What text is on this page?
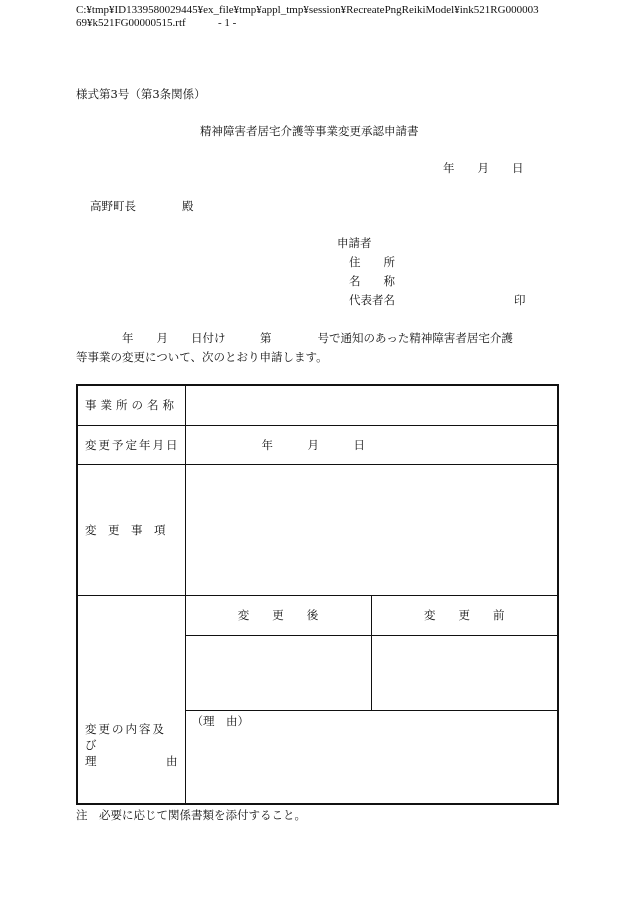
C:¥tmp¥ID1339580029445¥ex_file¥tmp¥appl_tmp¥session¥RecreatePngReikiModel¥ink521RG000003
69¥k521FG00000515.rtf	- 1 -
様式第3号（第3条関係）
精神障害者居宅介護等事業変更承認申請書
年　　月　　日
高野町長	殿
申請者
住　　所
名　　称
代表者名	印
年　　月　　日付け　　　第　　　　号で通知のあった精神障害者居宅介護
等事業の変更について、次のとおり申請します。
事業所の名称		
変更予定年月日	年　　　月　　　日	
変　更　事　項		

変更の内容及び
理 由	変　　更　　後	変　　更　　前

	（理　由）	
注　必要に応じて関係書類を添付すること。
